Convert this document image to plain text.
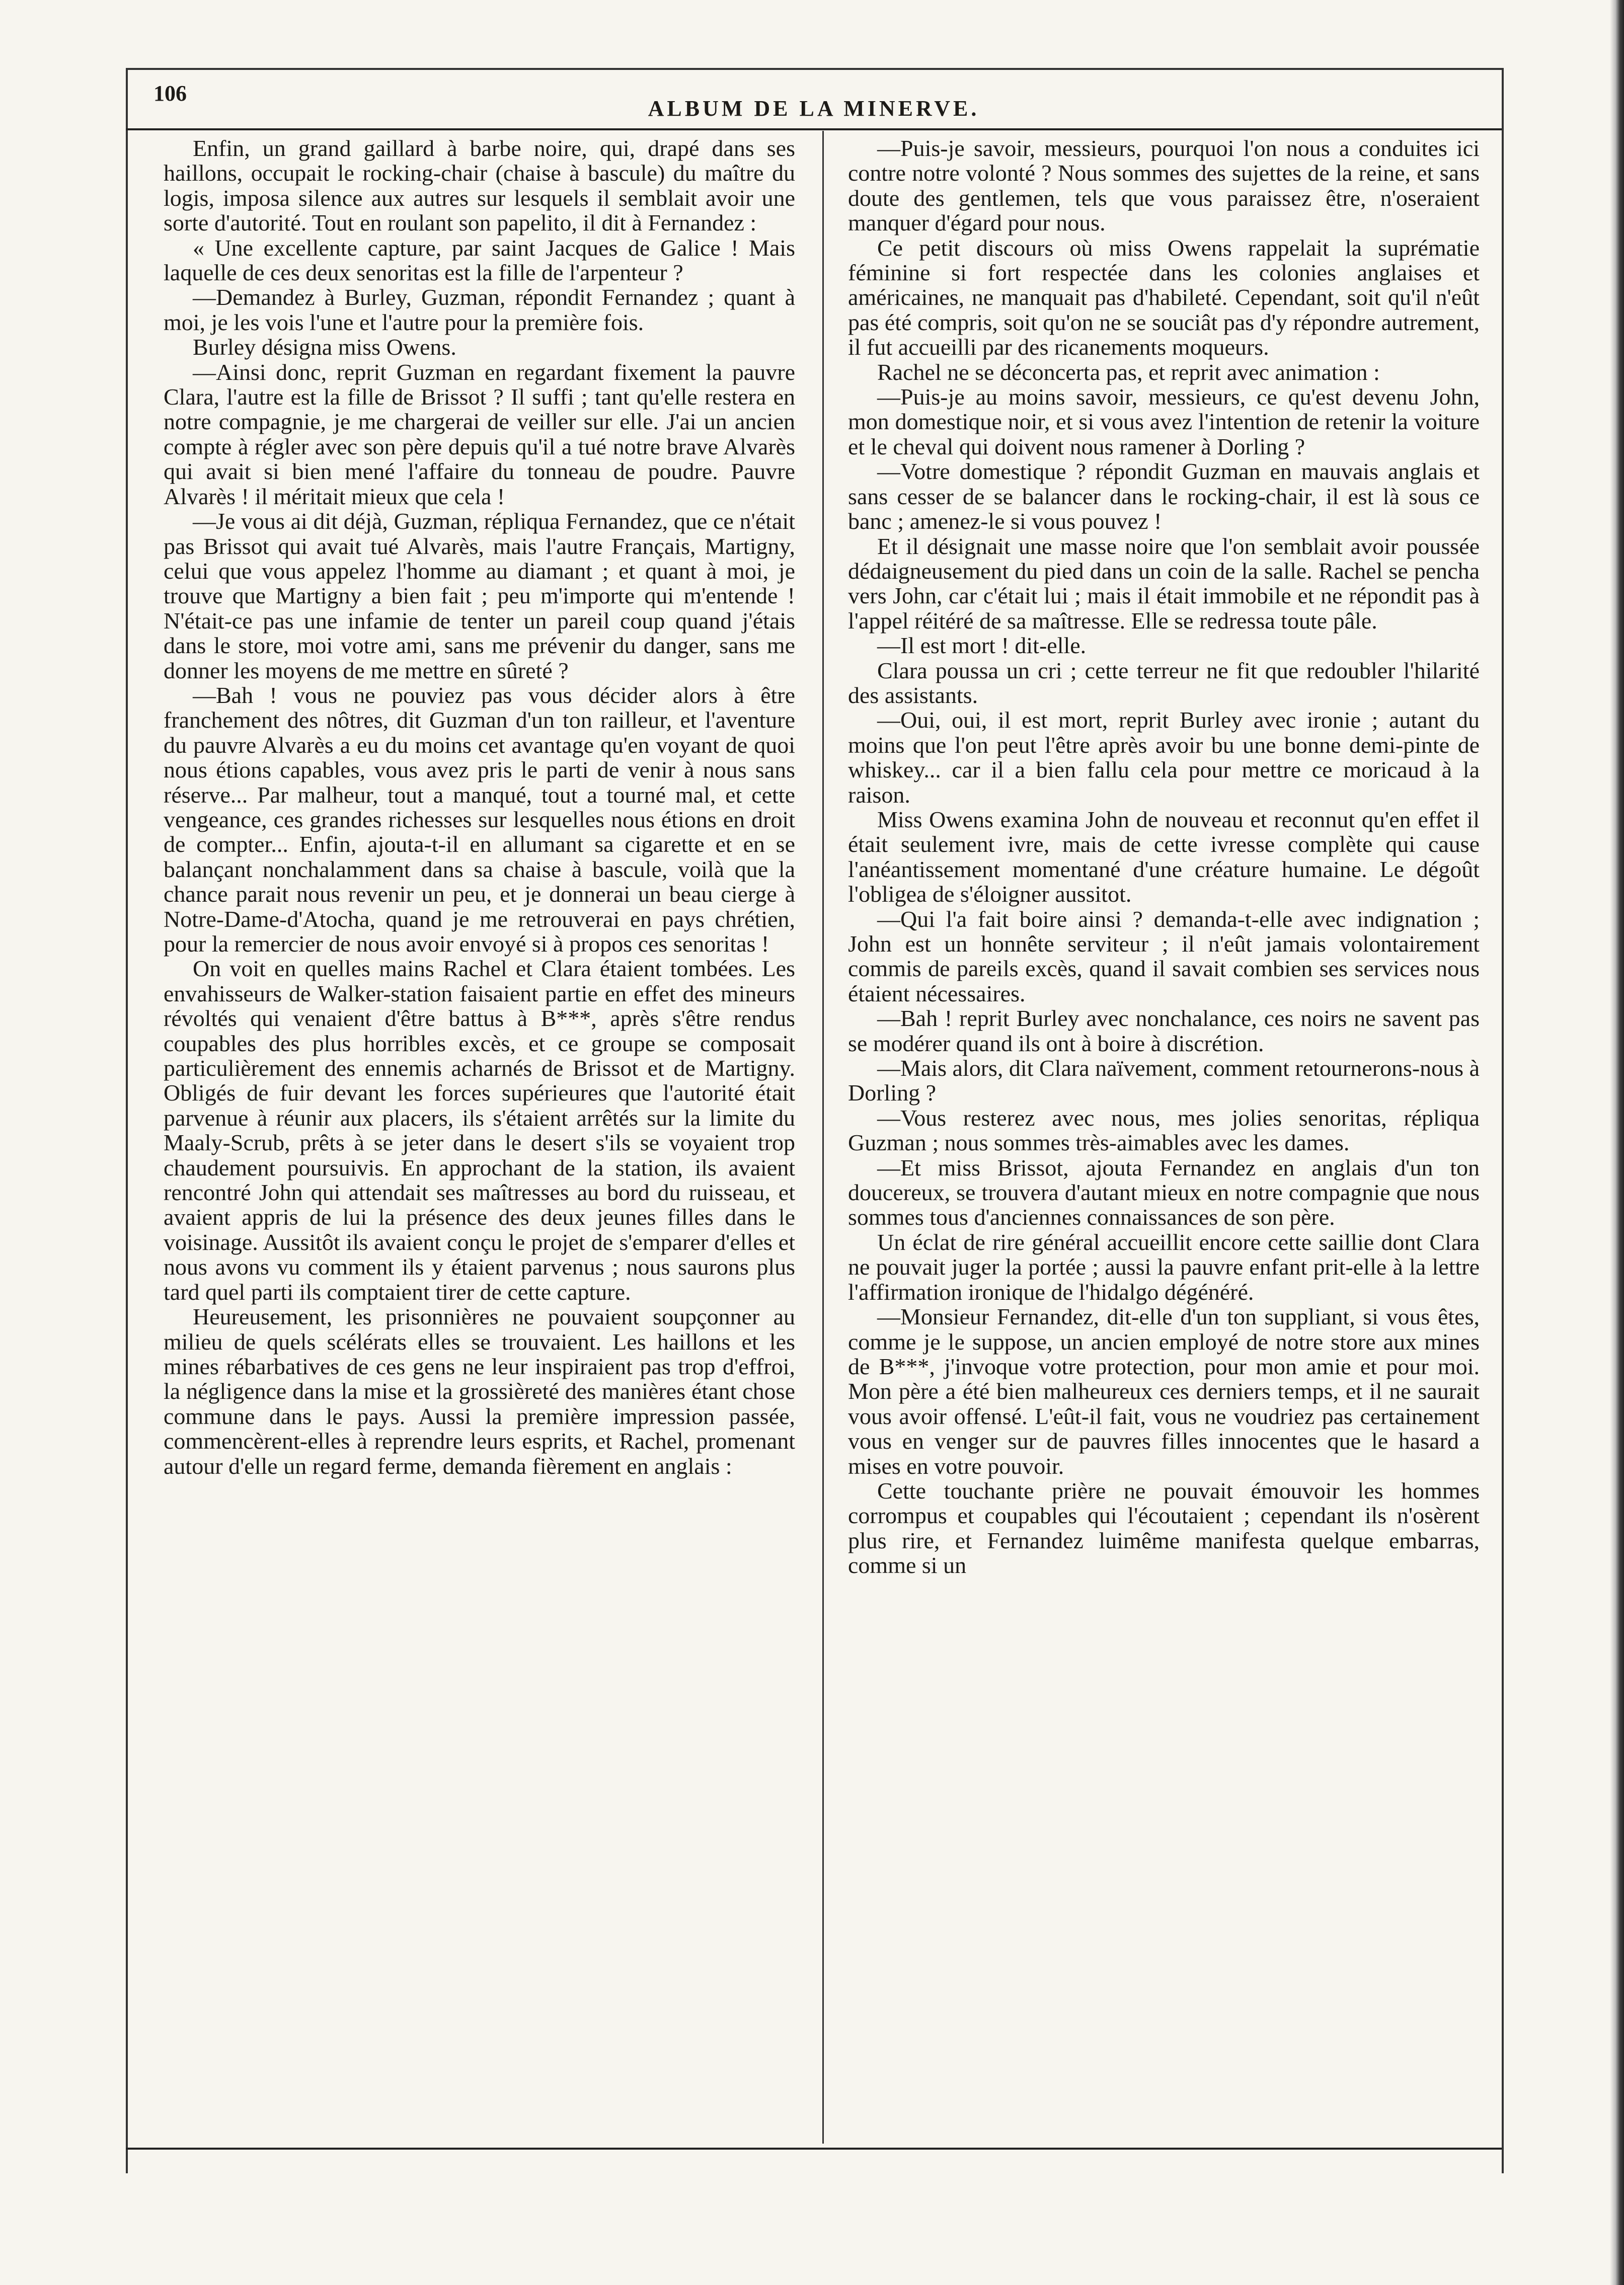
106
ALBUM DE LA MINERVE.

Enfin, un grand gaillard à barbe noire, qui, drapé dans ses haillons, occupait le rocking-chair (chaise à bascule) du maître du logis, imposa silence aux autres sur lesquels il semblait avoir une sorte d'autorité. Tout en roulant son papelito, il dit à Fernandez :

« Une excellente capture, par saint Jacques de Galice ! Mais laquelle de ces deux senoritas est la fille de l'arpenteur ?

—Demandez à Burley, Guzman, répondit Fernandez ; quant à moi, je les vois l'une et l'autre pour la première fois.

Burley désigna miss Owens.

—Ainsi donc, reprit Guzman en regardant fixement la pauvre Clara, l'autre est la fille de Brissot ? Il suffi ; tant qu'elle restera en notre compagnie, je me chargerai de veiller sur elle. J'ai un ancien compte à régler avec son père depuis qu'il a tué notre brave Alvarès qui avait si bien mené l'affaire du tonneau de poudre. Pauvre Alvarès ! il méritait mieux que cela !

—Je vous ai dit déjà, Guzman, répliqua Fernandez, que ce n'était pas Brissot qui avait tué Alvarès, mais l'autre Français, Martigny, celui que vous appelez l'homme au diamant ; et quant à moi, je trouve que Martigny a bien fait ; peu m'importe qui m'entende ! N'était-ce pas une infamie de tenter un pareil coup quand j'étais dans le store, moi votre ami, sans me prévenir du danger, sans me donner les moyens de me mettre en sûreté ?

—Bah ! vous ne pouviez pas vous décider alors à être franchement des nôtres, dit Guzman d'un ton railleur, et l'aventure du pauvre Alvarès a eu du moins cet avantage qu'en voyant de quoi nous étions capables, vous avez pris le parti de venir à nous sans réserve... Par malheur, tout a manqué, tout a tourné mal, et cette vengeance, ces grandes richesses sur lesquelles nous étions en droit de compter... Enfin, ajouta-t-il en allumant sa cigarette et en se balançant nonchalamment dans sa chaise à bascule, voilà que la chance parait nous revenir un peu, et je donnerai un beau cierge à Notre-Dame-d'Atocha, quand je me retrouverai en pays chrétien, pour la remercier de nous avoir envoyé si à propos ces senoritas !

On voit en quelles mains Rachel et Clara étaient tombées. Les envahisseurs de Walker-station faisaient partie en effet des mineurs révoltés qui venaient d'être battus à B***, après s'être rendus coupables des plus horribles excès, et ce groupe se composait particulièrement des ennemis acharnés de Brissot et de Martigny. Obligés de fuir devant les forces supérieures que l'autorité était parvenue à réunir aux placers, ils s'étaient arrêtés sur la limite du Maaly-Scrub, prêts à se jeter dans le desert s'ils se voyaient trop chaudement poursuivis. En approchant de la station, ils avaient rencontré John qui attendait ses maîtresses au bord du ruisseau, et avaient appris de lui la présence des deux jeunes filles dans le voisinage. Aussitôt ils avaient conçu le projet de s'emparer d'elles et nous avons vu comment ils y étaient parvenus ; nous saurons plus tard quel parti ils comptaient tirer de cette capture.

Heureusement, les prisonnières ne pouvaient soupçonner au milieu de quels scélérats elles se trouvaient. Les haillons et les mines rébarbatives de ces gens ne leur inspiraient pas trop d'effroi, la négligence dans la mise et la grossièreté des manières étant chose commune dans le pays. Aussi la première impression passée, commencèrent-elles à reprendre leurs esprits, et Rachel, promenant autour d'elle un regard ferme, demanda fièrement en anglais :

—Puis-je savoir, messieurs, pourquoi l'on nous a conduites ici contre notre volonté ? Nous sommes des sujettes de la reine, et sans doute des gentlemen, tels que vous paraissez être, n'oseraient manquer d'égard pour nous.

Ce petit discours où miss Owens rappelait la suprématie féminine si fort respectée dans les colonies anglaises et américaines, ne manquait pas d'habileté. Cependant, soit qu'il n'eût pas été compris, soit qu'on ne se souciât pas d'y répondre autrement, il fut accueilli par des ricanements moqueurs.

Rachel ne se déconcerta pas, et reprit avec animation :

—Puis-je au moins savoir, messieurs, ce qu'est devenu John, mon domestique noir, et si vous avez l'intention de retenir la voiture et le cheval qui doivent nous ramener à Dorling ?

—Votre domestique ? répondit Guzman en mauvais anglais et sans cesser de se balancer dans le rocking-chair, il est là sous ce banc ; amenez-le si vous pouvez !

Et il désignait une masse noire que l'on semblait avoir poussée dédaigneusement du pied dans un coin de la salle. Rachel se pencha vers John, car c'était lui ; mais il était immobile et ne répondit pas à l'appel réitéré de sa maîtresse. Elle se redressa toute pâle.

—Il est mort ! dit-elle.

Clara poussa un cri ; cette terreur ne fit que redoubler l'hilarité des assistants.

—Oui, oui, il est mort, reprit Burley avec ironie ; autant du moins que l'on peut l'être après avoir bu une bonne demi-pinte de whiskey... car il a bien fallu cela pour mettre ce moricaud à la raison.

Miss Owens examina John de nouveau et reconnut qu'en effet il était seulement ivre, mais de cette ivresse complète qui cause l'anéantissement momentané d'une créature humaine. Le dégoût l'obligea de s'éloigner aussitot.

—Qui l'a fait boire ainsi ? demanda-t-elle avec indignation ; John est un honnête serviteur ; il n'eût jamais volontairement commis de pareils excès, quand il savait combien ses services nous étaient nécessaires.

—Bah ! reprit Burley avec nonchalance, ces noirs ne savent pas se modérer quand ils ont à boire à discrétion.

—Mais alors, dit Clara naïvement, comment retournerons-nous à Dorling ?

—Vous resterez avec nous, mes jolies senoritas, répliqua Guzman ; nous sommes très-aimables avec les dames.

—Et miss Brissot, ajouta Fernandez en anglais d'un ton doucereux, se trouvera d'autant mieux en notre compagnie que nous sommes tous d'anciennes connaissances de son père.

Un éclat de rire général accueillit encore cette saillie dont Clara ne pouvait juger la portée ; aussi la pauvre enfant prit-elle à la lettre l'affirmation ironique de l'hidalgo dégénéré.

—Monsieur Fernandez, dit-elle d'un ton suppliant, si vous êtes, comme je le suppose, un ancien employé de notre store aux mines de B***, j'invoque votre protection, pour mon amie et pour moi. Mon père a été bien malheureux ces derniers temps, et il ne saurait vous avoir offensé. L'eût-il fait, vous ne voudriez pas certainement vous en venger sur de pauvres filles innocentes que le hasard a mises en votre pouvoir.

Cette touchante prière ne pouvait émouvoir les hommes corrompus et coupables qui l'écoutaient ; cependant ils n'osèrent plus rire, et Fernandez luimême manifesta quelque embarras, comme si un
